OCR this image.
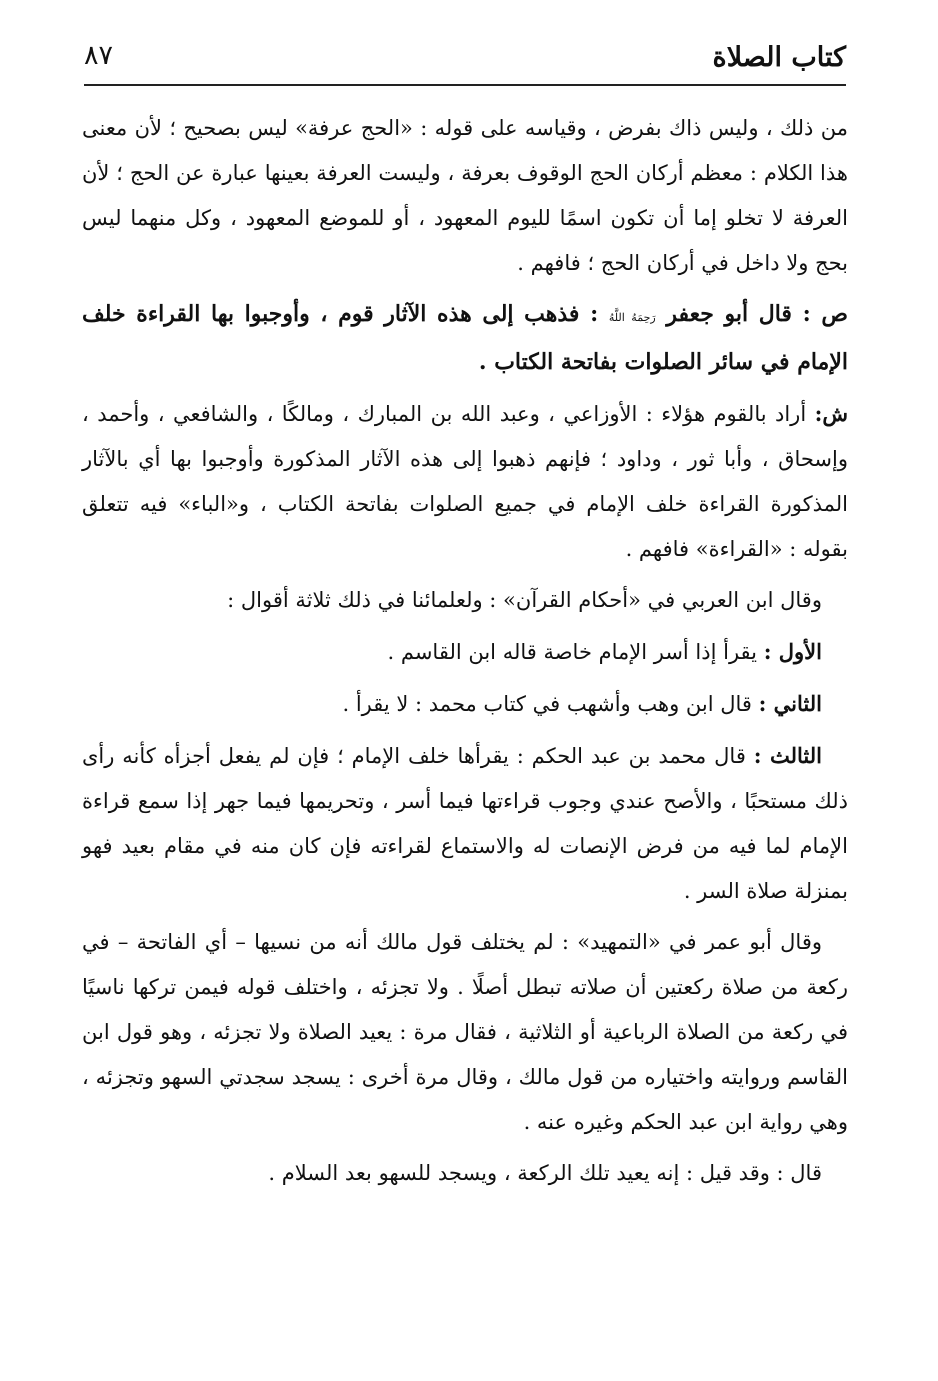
كتاب الصلاة
٨٧

من ذلك ، وليس ذاك بفرض ، وقياسه على قوله : «الحج عرفة» ليس بصحيح ؛ لأن معنى هذا الكلام : معظم أركان الحج الوقوف بعرفة ، وليست العرفة بعينها عبارة عن الحج ؛ لأن العرفة لا تخلو إما أن تكون اسمًا لليوم المعهود ، أو للموضع المعهود ، وكل منهما ليس بحج ولا داخل في أركان الحج ؛ فافهم .

ص : قال أبو جعفر رَحِمَهُ اللَّهُ : فذهب إلى هذه الآثار قوم ، وأوجبوا بها القراءة خلف الإمام في سائر الصلوات بفاتحة الكتاب .

ش: أراد بالقوم هؤلاء : الأوزاعي ، وعبد الله بن المبارك ، ومالكًا ، والشافعي ، وأحمد ، وإسحاق ، وأبا ثور ، وداود ؛ فإنهم ذهبوا إلى هذه الآثار المذكورة وأوجبوا بها أي بالآثار المذكورة القراءة خلف الإمام في جميع الصلوات بفاتحة الكتاب ، و«الباء» فيه تتعلق بقوله : «القراءة» فافهم .

وقال ابن العربي في «أحكام القرآن» : ولعلمائنا في ذلك ثلاثة أقوال :

الأول : يقرأ إذا أسر الإمام خاصة قاله ابن القاسم .

الثاني : قال ابن وهب وأشهب في كتاب محمد : لا يقرأ .

الثالث : قال محمد بن عبد الحكم : يقرأها خلف الإمام ؛ فإن لم يفعل أجزأه كأنه رأى ذلك مستحبًا ، والأصح عندي وجوب قراءتها فيما أسر ، وتحريمها فيما جهر إذا سمع قراءة الإمام لما فيه من فرض الإنصات له والاستماع لقراءته فإن كان منه في مقام بعيد فهو بمنزلة صلاة السر .

وقال أبو عمر في «التمهيد» : لم يختلف قول مالك أنه من نسيها – أي الفاتحة – في ركعة من صلاة ركعتين أن صلاته تبطل أصلًا . ولا تجزئه ، واختلف قوله فيمن تركها ناسيًا في ركعة من الصلاة الرباعية أو الثلاثية ، فقال مرة : يعيد الصلاة ولا تجزئه ، وهو قول ابن القاسم وروايته واختياره من قول مالك ، وقال مرة أخرى : يسجد سجدتي السهو وتجزئه ، وهي رواية ابن عبد الحكم وغيره عنه .

قال : وقد قيل : إنه يعيد تلك الركعة ، ويسجد للسهو بعد السلام .
